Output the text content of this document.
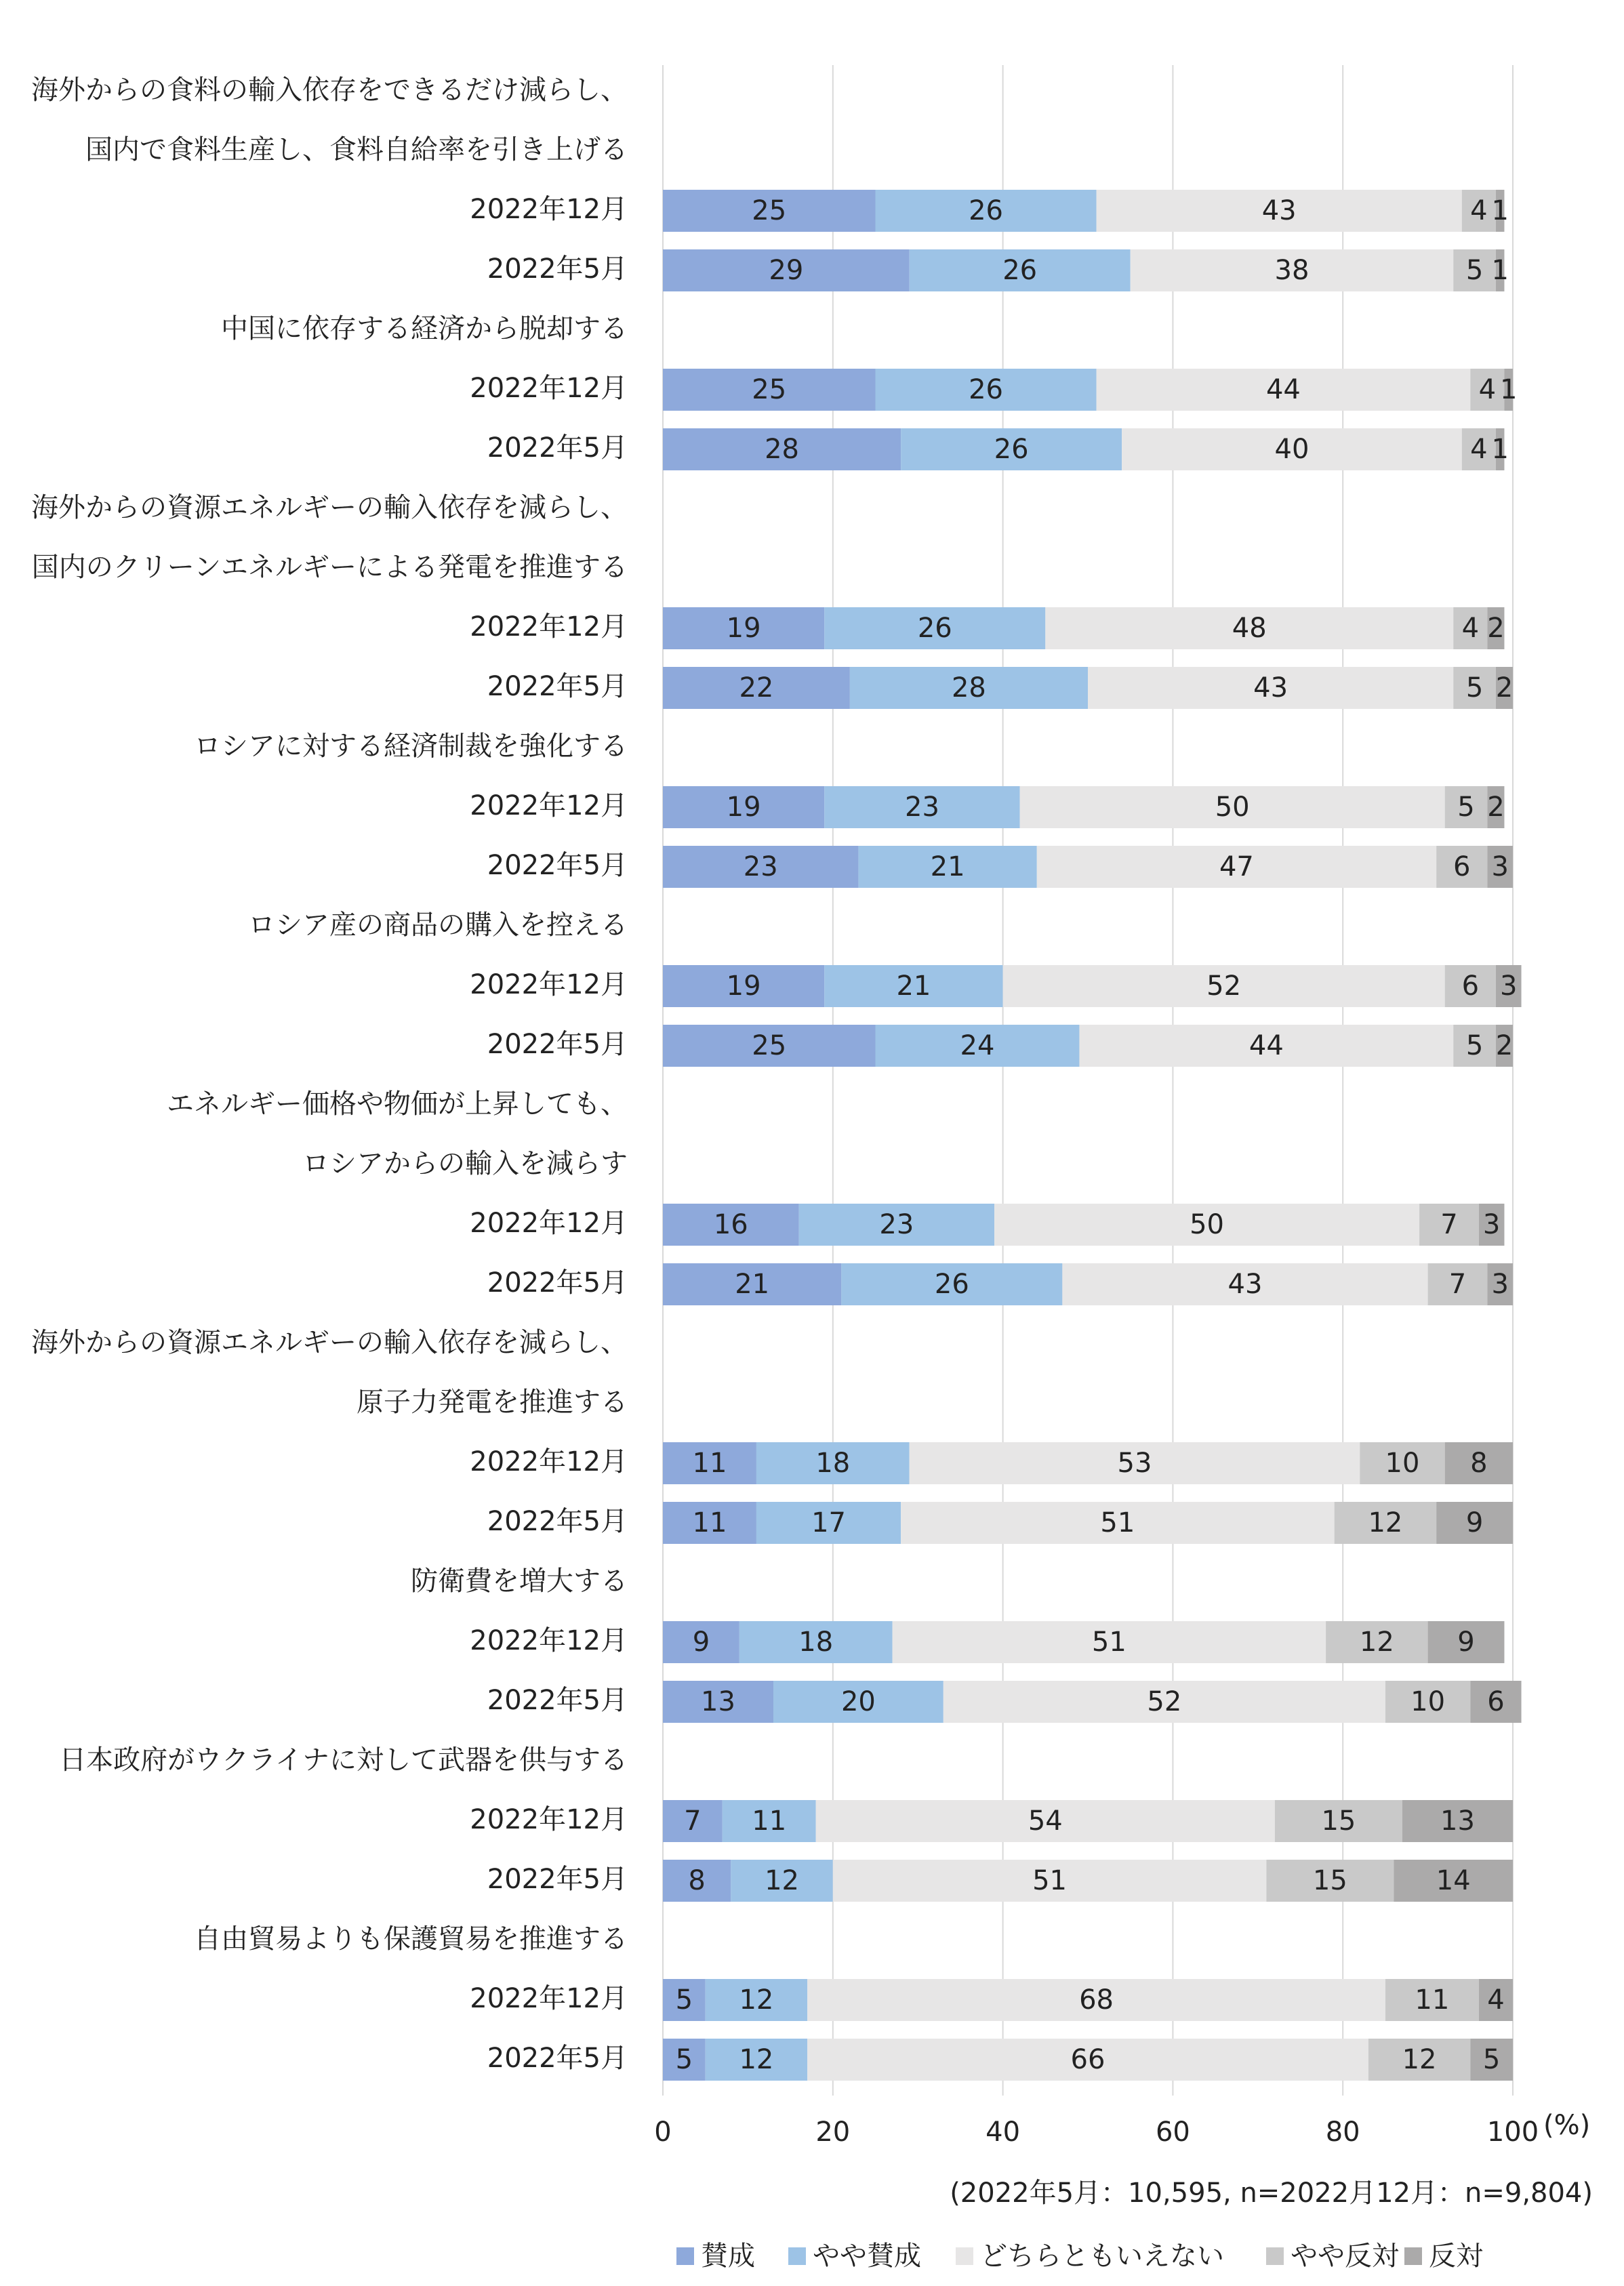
海外からの食料の輸入依存をできるだけ減らし、
国内で食料生産し、食料自給率を引き上げる
2022年12月	25	26	43	4 1
2022年5月	29	26	38	5 1
中国に依存する経済から脱却する
2022年12月	25	26	44	4 1
2022年5月	28	26	40	4 1
海外からの資源エネルギーの輸入依存を減らし、
国内のクリーンエネルギーによる発電を推進する
2022年12月	19	26	48	4 2
2022年5月	22	28	43	5 2
ロシアに対する経済制裁を強化する
2022年12月	19	23	50	5 2
2022年5月	23	21	47	6 3
ロシア産の商品の購入を控える
2022年12月	19	21	52	6 3
2022年5月	25	24	44	5 2
エネルギー価格や物価が上昇しても、
ロシアからの輸入を減らす
2022年12月	16	23	50	7 3
2022年5月	21	26	43	7 3
海外からの資源エネルギーの輸入依存を減らし、
原子力発電を推進する
2022年12月 11	18	53	10 8
2022年5月 11	17	51	12 9
防衛費を増大する
2022年12月 9	18	51	12 9
2022年5月	13	20	52	10 6
日本政府がウクライナに対して武器を供与する
2022年12月 7 11	54	15	13
2022年5月 8 12	51	15	14
自由貿易よりも保護貿易を推進する
2022年12月 5 12	68	11 4
2022年5月 5 12	66	12 5
0	20	40	60	80	100 (%)
(2022年5月：10,595, n=2022月12月：n=9,804)
賛成 やや賛成 どちらともいえない やや反対 反対
